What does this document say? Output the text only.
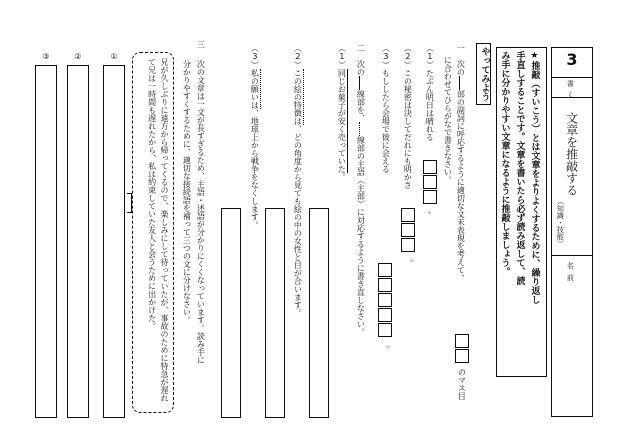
3
書く
文章を推敲する
（知識・技能）
名前
★推敲（すいこう）とは文章をよりよくするために、繰り返し
手直しすることです。文章を書いたら必ず読み返して、読
み手に分かりやすい文章になるように推敲しましょう。
やってみよう
一　次の部の副詞に呼応するように適切な文末表現を考えて、
のマス目
に合わせてひらがなで書きなさい。
（1）たぶん明日は晴れる
。
（2）この秘密は決してだれにも明かさ
。
（3）もししたら会場で彼に会える
。
二　次の線部を、線部の主語（主部）に対応するように書き直しなさい。
（1）同じお菓子が安く売っていた。
（2）この絵の特徴は、どの角度から見ても絵の中の女性と目が合います。
（3）私の願いは、地球上から戦争をなくします。
三
次の文章は一文が長すぎるため、主語・述語が分かりにくくなっています。読み手に
分かりやすくするために、適切な接続語を補って三つの文に分けなさい。
兄が久しぶりに遠方から帰ってくるので、楽しみにして待っていたが、事故のために特急が遅れて兄は一時間も遅れたから、私は約束していた友人と会うために出かけた。
①
②
③
